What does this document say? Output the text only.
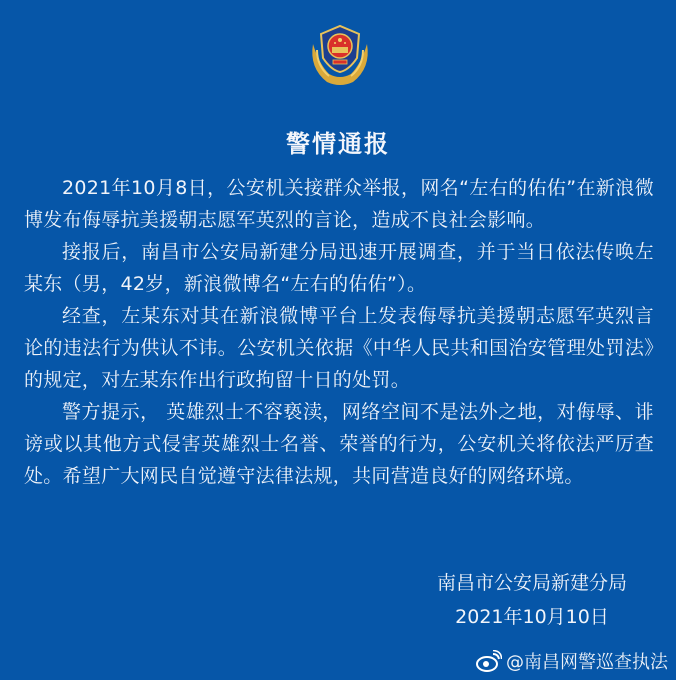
警情通报

2021年10月8日，公安机关接群众举报，网名“左右的佑佑”在新浪微博发布侮辱抗美援朝志愿军英烈的言论，造成不良社会影响。

接报后，南昌市公安局新建分局迅速开展调查，并于当日依法传唤左某东（男，42岁，新浪微博名“左右的佑佑”）。

经查，左某东对其在新浪微博平台上发表侮辱抗美援朝志愿军英烈言论的违法行为供认不讳。公安机关依据《中华人民共和国治安管理处罚法》的规定，对左某东作出行政拘留十日的处罚。

警方提示， 英雄烈士不容亵渎，网络空间不是法外之地，对侮辱、诽谤或以其他方式侵害英雄烈士名誉、荣誉的行为，公安机关将依法严厉查处。希望广大网民自觉遵守法律法规，共同营造良好的网络环境。

南昌市公安局新建分局
2021年10月10日
@南昌网警巡查执法
